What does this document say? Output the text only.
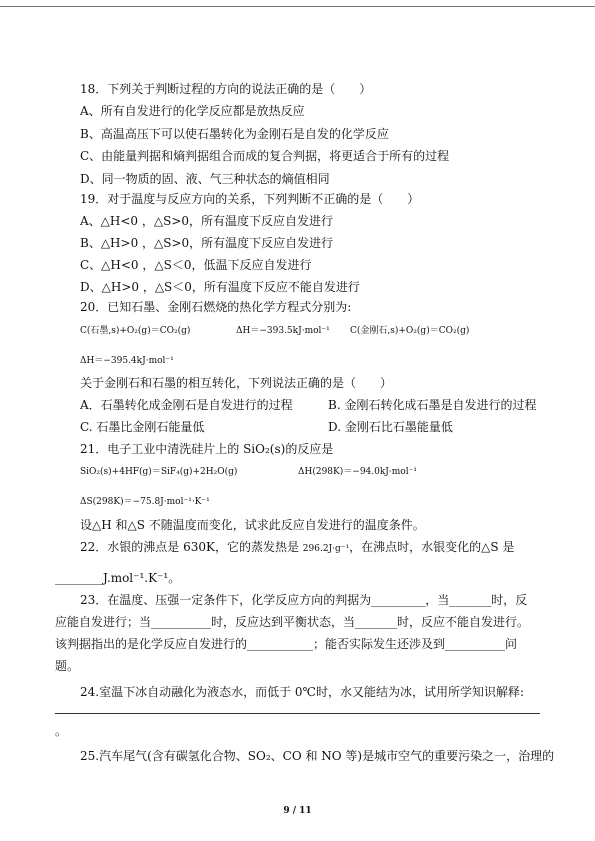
18．下列关于判断过程的方向的说法正确的是（　　）
A、所有自发进行的化学反应都是放热反应
B、高温高压下可以使石墨转化为金刚石是自发的化学反应
C、由能量判据和熵判据组合而成的复合判据，将更适合于所有的过程
D、同一物质的固、液、气三种状态的熵值相同
19．对于温度与反应方向的关系，下列判断不正确的是（　　）
A、△H<0 ，△S>0，所有温度下反应自发进行
B、△H>0 ，△S>0，所有温度下反应自发进行
C、△H<0 ，△S＜0，低温下反应自发进行
D、△H>0 ，△S＜0，所有温度下反应不能自发进行
20．已知石墨、金刚石燃烧的热化学方程式分别为:
C(石墨,s)+O₂(g)＝CO₂(g)	ΔH＝−393.5kJ·mol⁻¹ C(金刚石,s)+O₂(g)＝CO₂(g)
ΔH＝−395.4kJ·mol⁻¹
关于金刚石和石墨的相互转化，下列说法正确的是（　　）
A．石墨转化成金刚石是自发进行的过程	B. 金刚石转化成石墨是自发进行的过程
C. 石墨比金刚石能量低	D. 金刚石比石墨能量低
21．电子工业中清洗硅片上的 SiO₂(s)的反应是
SiO₂(s)+4HF(g)＝SiF₄(g)+2H₂O(g)	ΔH(298K)＝−94.0kJ·mol⁻¹
ΔS(298K)＝−75.8J·mol⁻¹·K⁻¹
设△H 和△S 不随温度而变化，试求此反应自发进行的温度条件。
22．水银的沸点是 630K，它的蒸发热是 296.2J·g⁻¹，在沸点时，水银变化的△S 是
________J.mol⁻¹.K⁻¹。
23．在温度、压强一定条件下，化学反应方向的判据为_________，当_______时，反
应能自发进行；当__________时，反应达到平衡状态，当_______时，反应不能自发进行。
该判据指出的是化学反应自发进行的___________；能否实际发生还涉及到__________问
题。
24.室温下冰自动融化为液态水，而低于 0℃时，水又能结为冰，试用所学知识解释:
。
25.汽车尾气(含有碳氢化合物、SO₂、CO 和 NO 等)是城市空气的重要污染之一，治理的
9 / 11
